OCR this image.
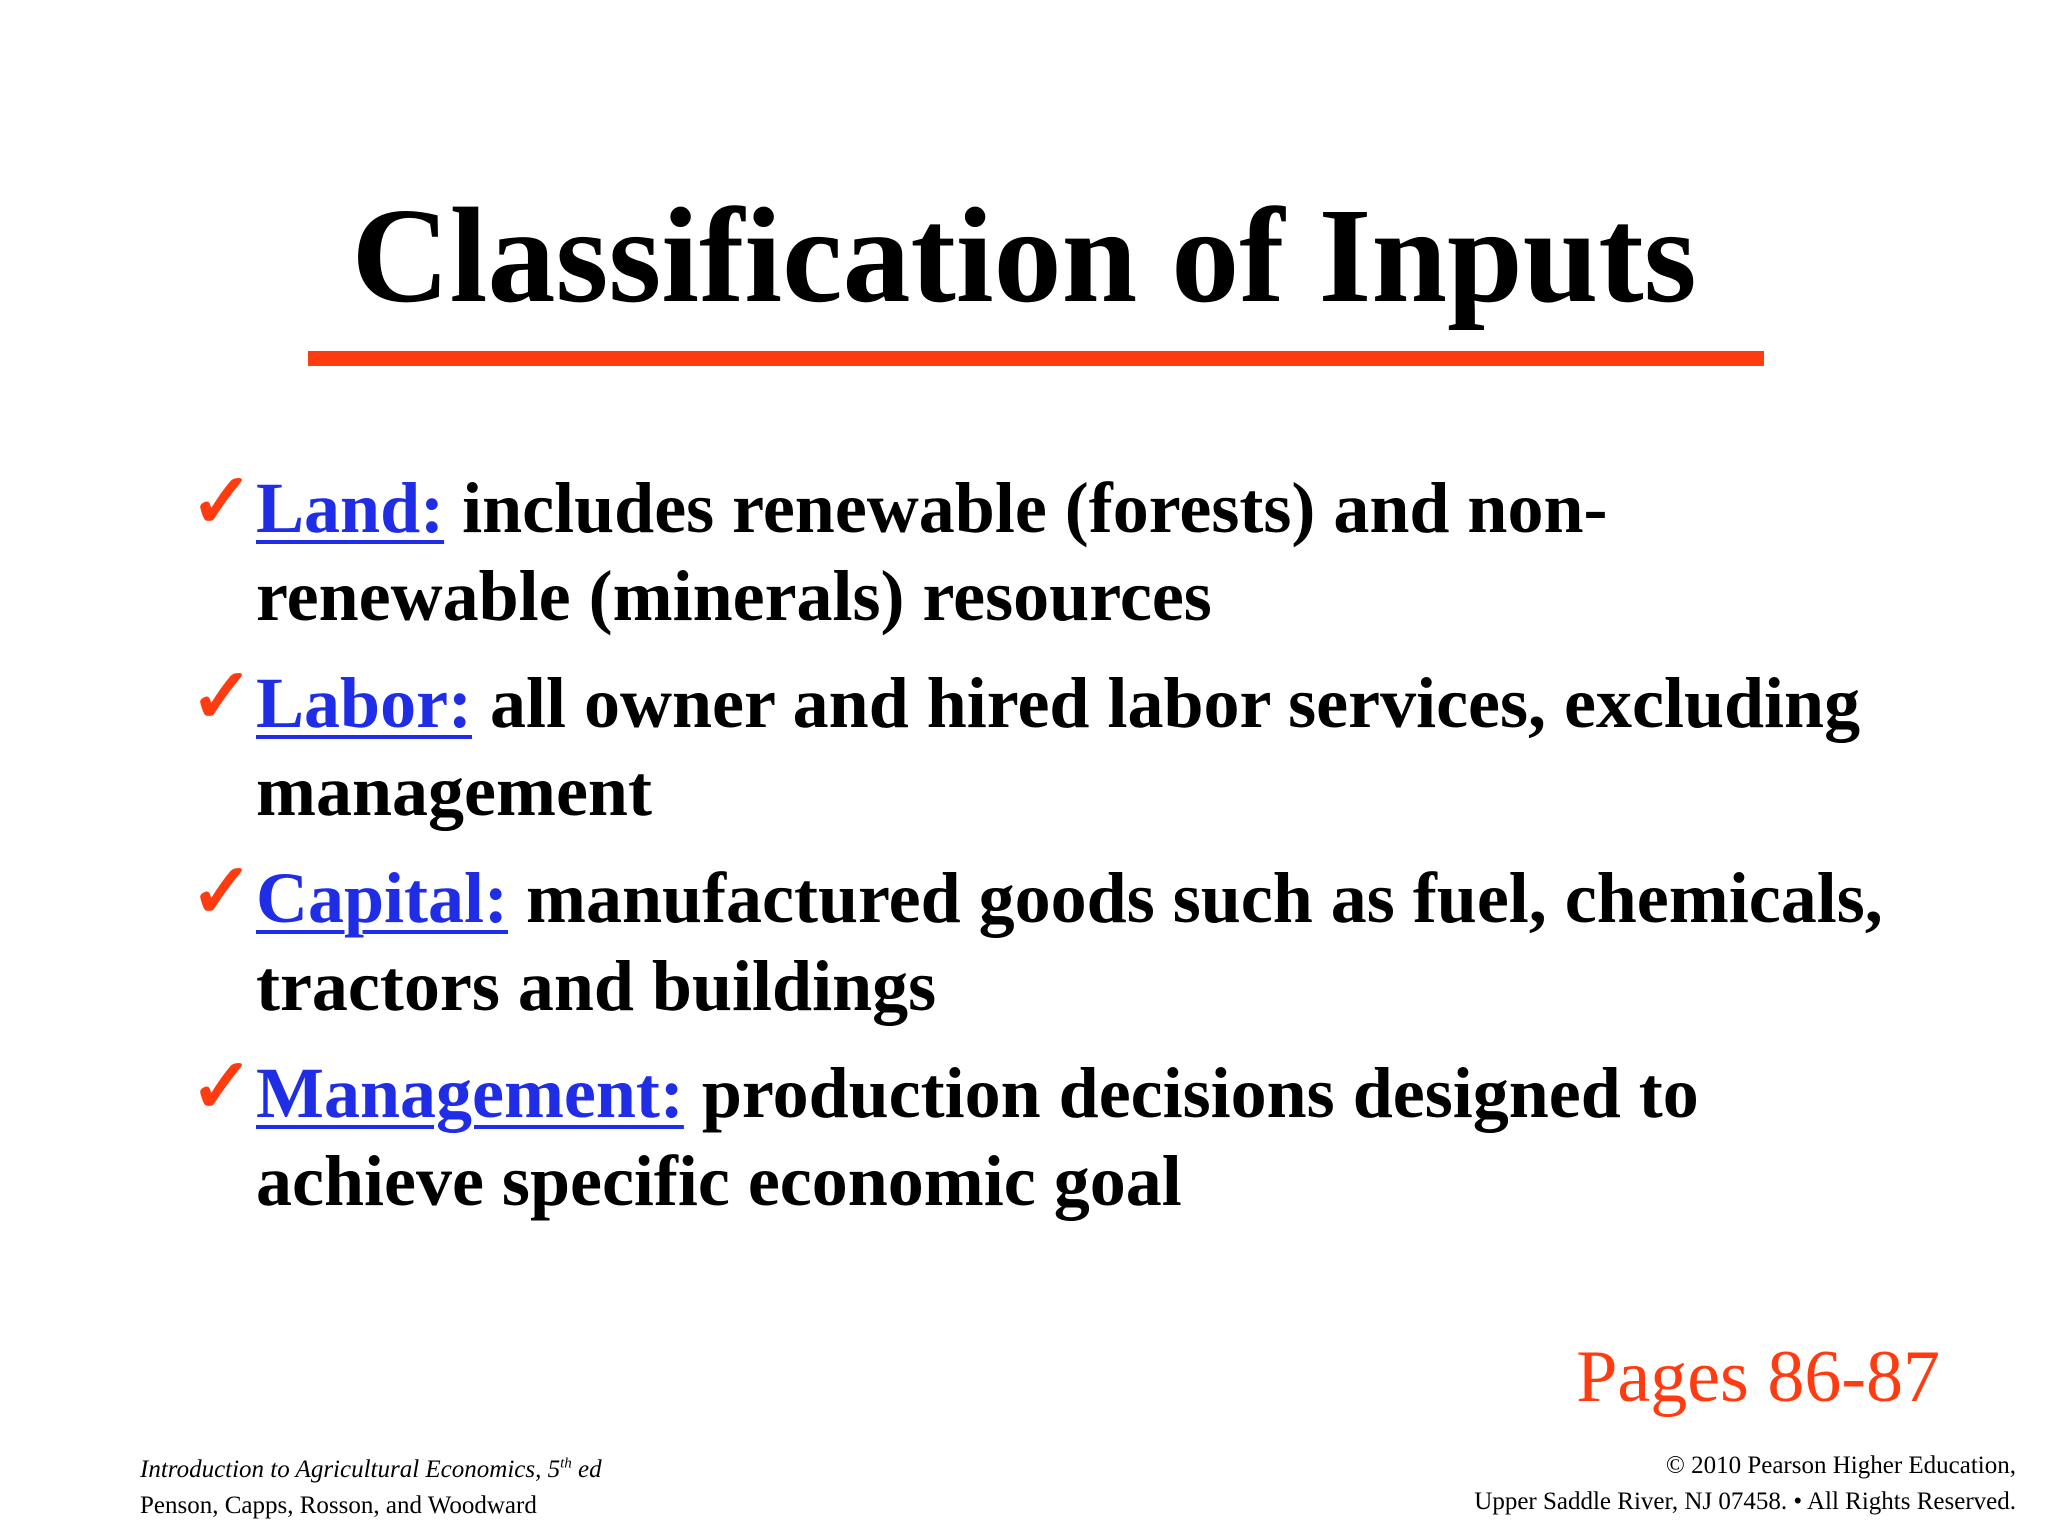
Classification of Inputs
✓ Land: includes renewable (forests) and non-renewable (minerals) resources
✓ Labor: all owner and hired labor services, excluding management
✓ Capital: manufactured goods such as fuel, chemicals, tractors and buildings
✓ Management: production decisions designed to achieve specific economic goal
Pages 86-87
Introduction to Agricultural Economics, 5th ed
Penson, Capps, Rosson, and Woodward
© 2010 Pearson Higher Education,
Upper Saddle River, NJ 07458. • All Rights Reserved.
